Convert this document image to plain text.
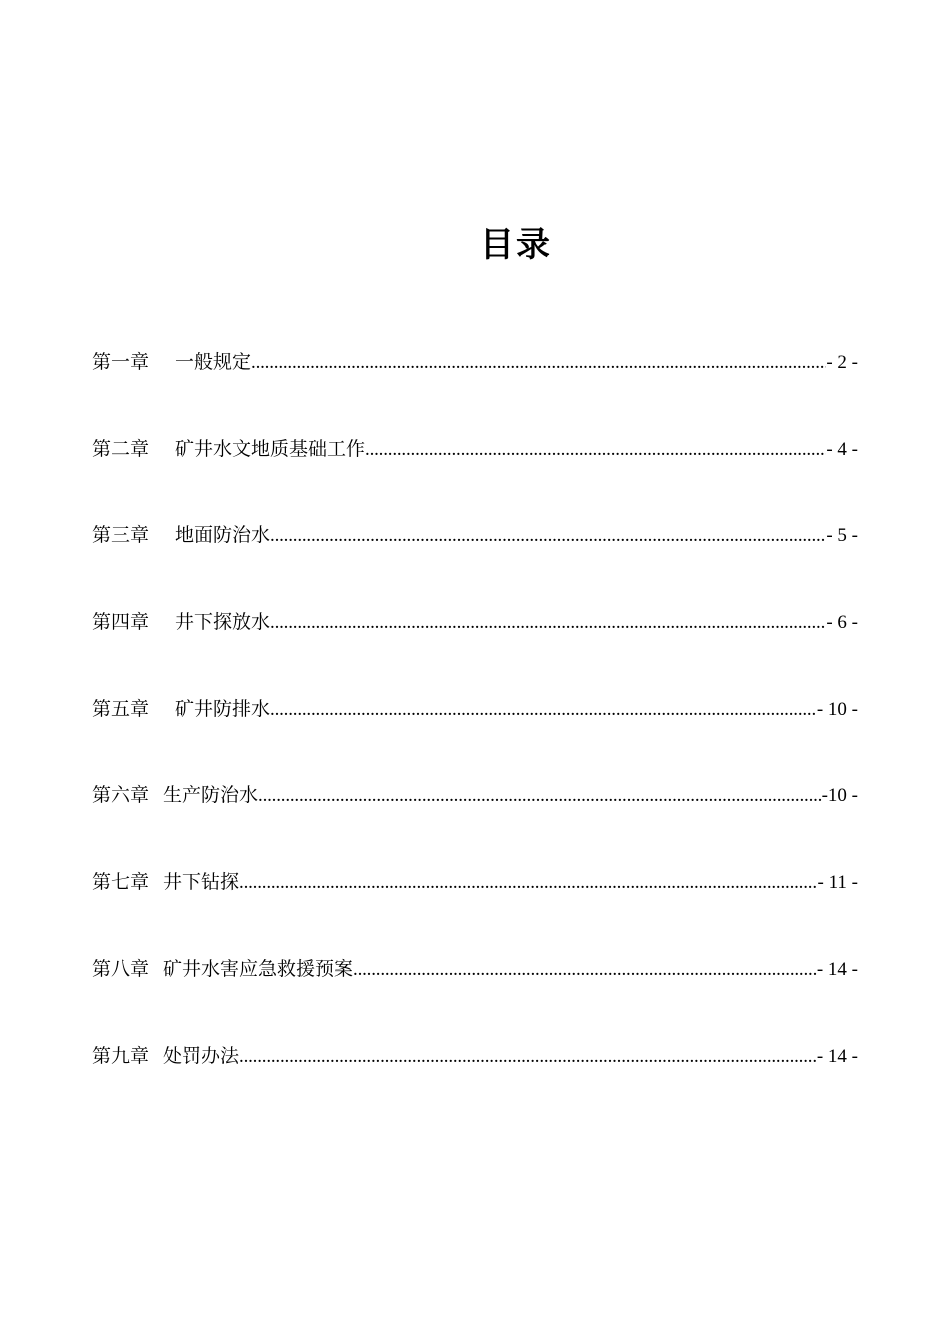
目录
第一章 一般规定 .....	- 2 -
第二章 矿井水文地质基础工作 .....	- 4 -
第三章 地面防治水 .....	- 5 -
第四章 井下探放水 .....	- 6 -
第五章 矿井防排水 .....	- 10 -
第六章 生产防治水 .....	-10 -
第七章 井下钻探 .....	- 11 -
第八章 矿井水害应急救援预案 .....	- 14 -
第九章 处罚办法 .....	- 14 -
